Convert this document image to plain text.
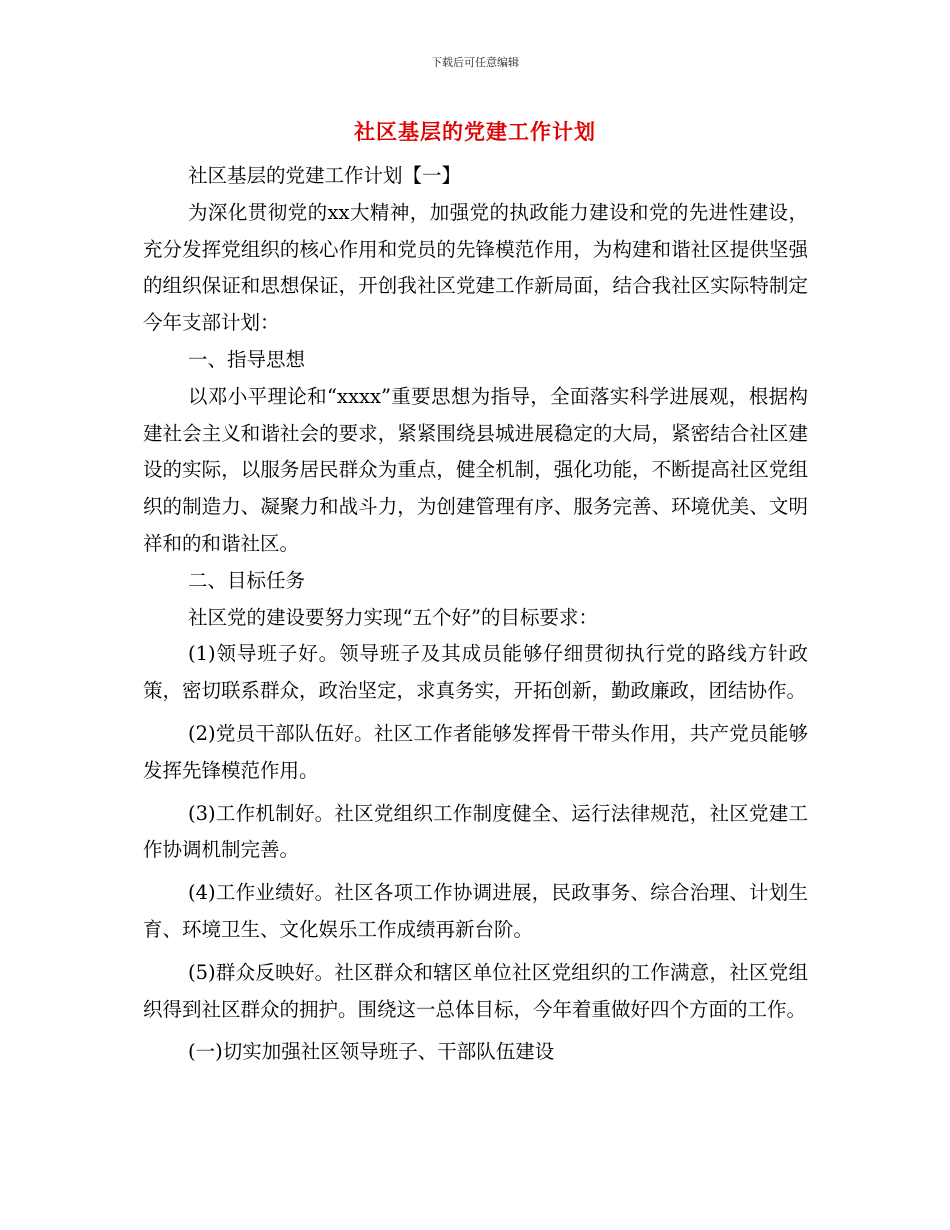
下载后可任意编辑
社区基层的党建工作计划

社区基层的党建工作计划【一】

为深化贯彻党的xx大精神，加强党的执政能力建设和党的先进性建设，充分发挥党组织的核心作用和党员的先锋模范作用，为构建和谐社区提供坚强的组织保证和思想保证，开创我社区党建工作新局面，结合我社区实际特制定今年支部计划：

一、指导思想

以邓小平理论和“xxxx”重要思想为指导，全面落实科学进展观，根据构建社会主义和谐社会的要求，紧紧围绕县城进展稳定的大局，紧密结合社区建设的实际，以服务居民群众为重点，健全机制，强化功能，不断提高社区党组织的制造力、凝聚力和战斗力，为创建管理有序、服务完善、环境优美、文明祥和的和谐社区。

二、目标任务

社区党的建设要努力实现“五个好”的目标要求：

(1)领导班子好。领导班子及其成员能够仔细贯彻执行党的路线方针政策，密切联系群众，政治坚定，求真务实，开拓创新，勤政廉政，团结协作。

(2)党员干部队伍好。社区工作者能够发挥骨干带头作用，共产党员能够发挥先锋模范作用。

(3)工作机制好。社区党组织工作制度健全、运行法律规范，社区党建工作协调机制完善。

(4)工作业绩好。社区各项工作协调进展，民政事务、综合治理、计划生育、环境卫生、文化娱乐工作成绩再新台阶。

(5)群众反映好。社区群众和辖区单位社区党组织的工作满意，社区党组织得到社区群众的拥护。围绕这一总体目标，今年着重做好四个方面的工作。

(一)切实加强社区领导班子、干部队伍建设
